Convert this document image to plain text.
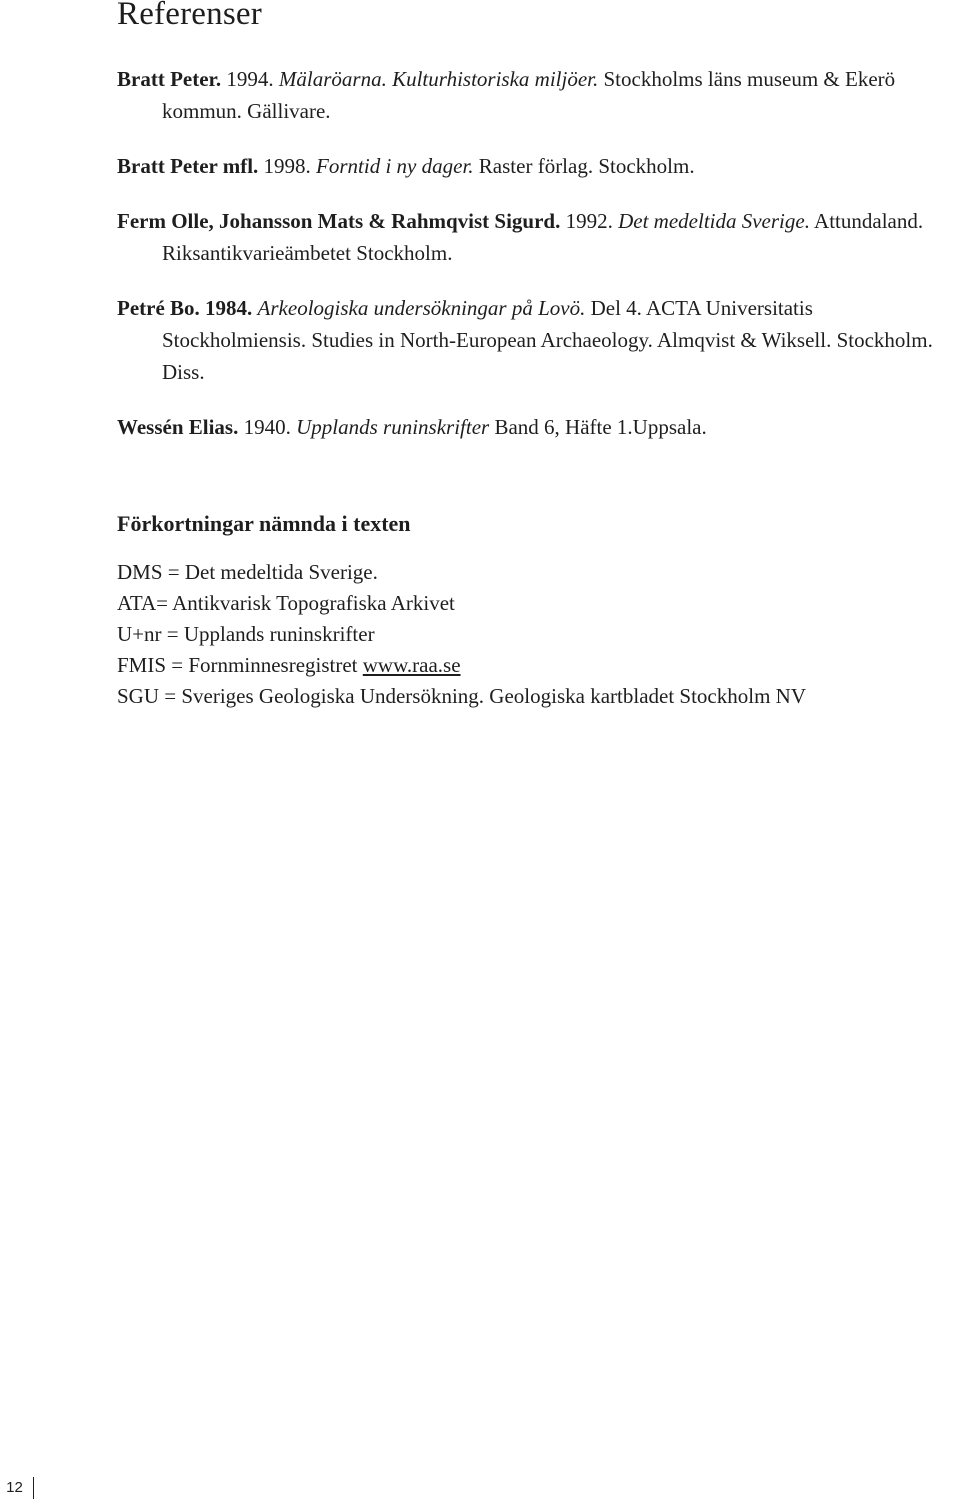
Referenser

Bratt Peter. 1994. Mälaröarna. Kulturhistoriska miljöer. Stockholms läns museum & Ekerö kommun. Gällivare.

Bratt Peter mfl. 1998. Forntid i ny dager. Raster förlag. Stockholm.

Ferm Olle, Johansson Mats & Rahmqvist Sigurd. 1992. Det medeltida Sverige. Attundaland. Riksantikvarieämbetet Stockholm.

Petré Bo. 1984. Arkeologiska undersökningar på Lovö. Del 4. ACTA Universitatis Stockholmiensis. Studies in North-European Archaeology. Almqvist & Wiksell. Stockholm. Diss.

Wessén Elias. 1940. Upplands runinskrifter Band 6, Häfte 1.Uppsala.

Förkortningar nämnda i texten

DMS = Det medeltida Sverige.

ATA= Antikvarisk Topografiska Arkivet

U+nr = Upplands runinskrifter

FMIS = Fornminnesregistret www.raa.se

SGU = Sveriges Geologiska Undersökning. Geologiska kartbladet Stockholm NV

12
